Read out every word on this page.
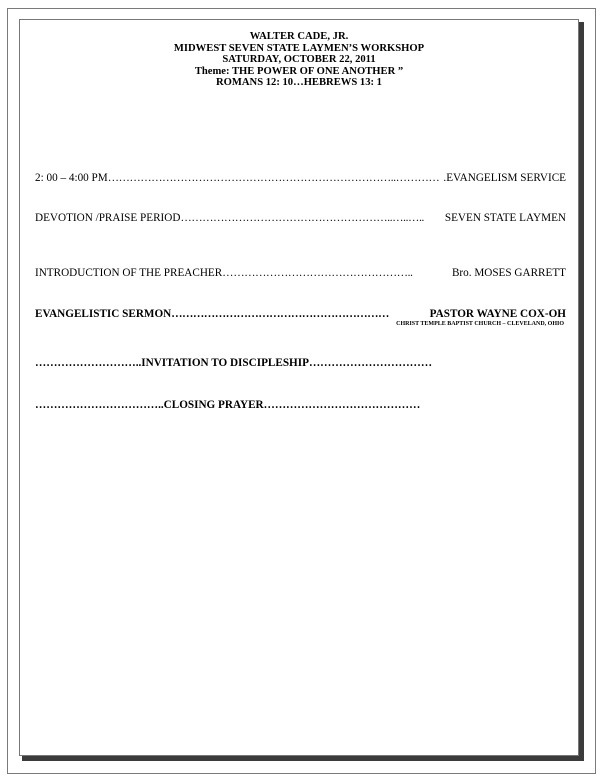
WALTER CADE, JR.
MIDWEST SEVEN STATE LAYMEN’S WORKSHOP
SATURDAY, OCTOBER 22, 2011
Theme: THE POWER OF ONE ANOTHER ”
ROMANS 12: 10…HEBREWS 13: 1
2: 00 – 4:00 PM ……………………………………………………………………..………… .EVANGELISM SERVICE
DEVOTION /PRAISE PERIOD …………………………………………………..…..…..	SEVEN STATE LAYMEN
INTRODUCTION OF THE PREACHER… …………………………………………..	Bro. MOSES GARRETT
EVANGELISTIC SERMON ……………………………………………………	PASTOR WAYNE COX-OH
CHRIST TEMPLE BAPTIST CHURCH – CLEVELAND, OHIO
………………………..INVITATION TO DISCIPLESHIP……………………………
……………………………..CLOSING PRAYER……………………………………
